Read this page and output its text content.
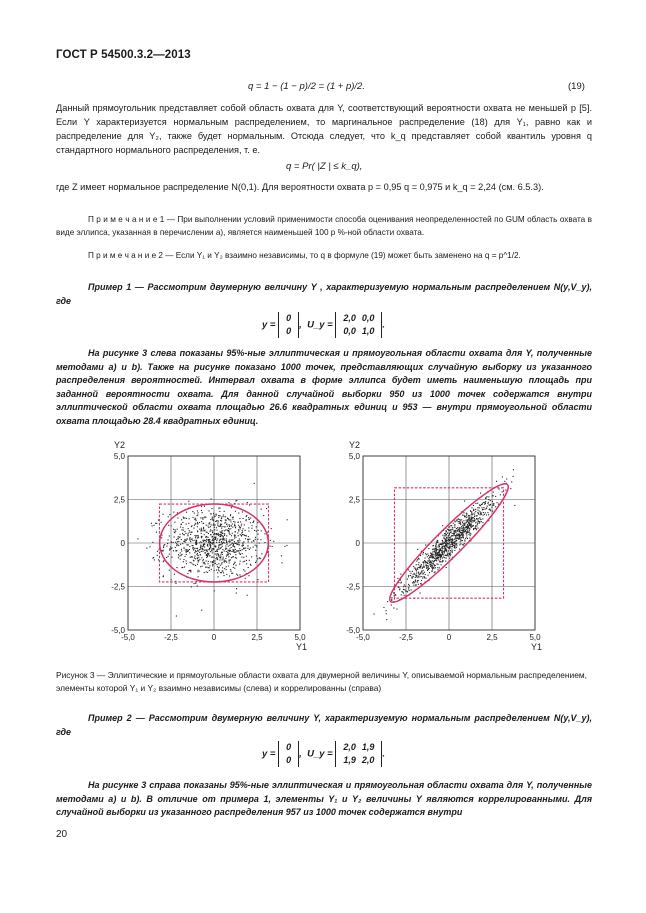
ГОСТ Р 54500.3.2—2013
q = 1 − (1 − p)/2 = (1 + p)/2.	(19)
Данный прямоугольник представляет собой область охвата для Y, соответствующий вероятности охвата не меньшей p [5]. Если Y характеризуется нормальным распределением, то маргинальное распределение (18) для Y₁, равно как и распределение для Y₂, также будет нормальным. Отсюда следует, что k_q представляет собой квантиль уровня q стандартного нормального распределения, т. е.
q = Pr( |Z | ≤ k_q),
где Z имеет нормальное распределение N(0,1). Для вероятности охвата p = 0,95 q = 0,975 и k_q = 2,24 (см. 6.5.3).
П р и м е ч а н и е 1 — При выполнении условий применимости способа оценивания неопределенностей по GUM область охвата в виде эллипса, указанная в перечислении а), является наименьшей 100 p %-ной области охвата.
П р и м е ч а н и е 2 — Если Y₁ и Y₂ взаимно независимы, то q в формуле (19) может быть заменено на q = p^1/2.
Пример 1 — Рассмотрим двумерную величину Y , характеризуемую нормальным распределением N(y,V_y), где
y =
0
0
,  U_y =
2,0	0,0
0,0	1,0
.
На рисунке 3 слева показаны 95%-ные эллиптическая и прямоугольная области охвата для Y, полученные методами а) и b). Также на рисунке показано 1000 точек, представляющих случайную выборку из указанного распределения вероятностей. Интервал охвата в форме эллипса будет иметь наименьшую площадь при заданной вероятности охвата. Для данной случайной выборки 950 из 1000 точек содержатся внутри эллиптической области охвата площадью 26.6 квадратных единиц и 953 — внутри прямоугольной области охвата площадью 28.4 квадратных единиц.
-5,0
-2,5
0
2,5
5,0
-5,0	-2,5	0	2,5	5,0
Y2
Y1
-5,0
-2,5
0
2,5
5,0
-5,0	-2,5	0	2,5	5,0
Y2
Y1
Рисунок 3 — Эллиптические и прямоугольные области охвата для двумерной величины Y, описываемой нормальным распределением, элементы которой Y₁ и Y₂ взаимно независимы (слева) и коррелированны (справа)
Пример 2 — Рассмотрим двумерную величину Y, характеризуемую нормальным распределением N(y,V_y), где
y =
0
0
,  U_y =
2,0	1,9
1,9	2,0
.
На рисунке 3 справа показаны 95%-ные эллиптическая и прямоугольная области охвата для Y, полученные методами а) и b). В отличие от примера 1, элементы Y₁ и Y₂ величины Y являются коррелированными. Для случайной выборки из указанного распределения 957 из 1000 точек содержатся внутри
20
